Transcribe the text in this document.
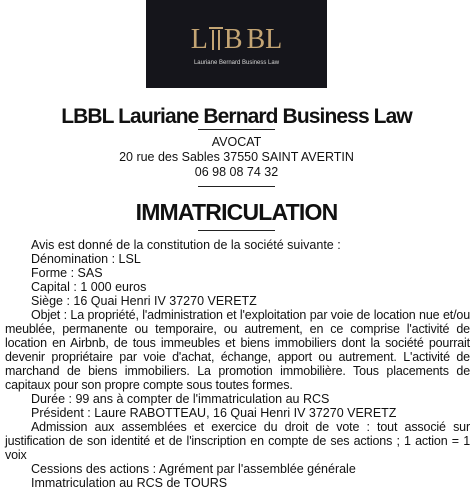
L B BL
Lauriane Bernard Business Law
LBBL Lauriane Bernard Business Law
AVOCAT
20 rue des Sables 37550 SAINT AVERTIN
06 98 08 74 32
IMMATRICULATION
Avis est donné de la constitution de la société suivante :
Dénomination : LSL
Forme : SAS
Capital : 1 000 euros
Siège : 16 Quai Henri IV 37270 VERETZ
Objet : La propriété, l'administration et l'exploitation par voie de location nue et/ou meublée, permanente ou temporaire, ou autrement, en ce comprise l'activité de location en Airbnb, de tous immeubles et biens immobiliers dont la société pourrait devenir propriétaire par voie d'achat, échange, apport ou autrement. L'activité de marchand de biens immobiliers. La promotion immobilière. Tous placements de capitaux pour son propre compte sous toutes formes.
Durée : 99 ans à compter de l'immatriculation au RCS
Président : Laure RABOTTEAU, 16 Quai Henri IV 37270 VERETZ
Admission aux assemblées et exercice du droit de vote : tout associé sur justification de son identité et de l'inscription en compte de ses actions ; 1 action = 1 voix
Cessions des actions : Agrément par l'assemblée générale
Immatriculation au RCS de TOURS
